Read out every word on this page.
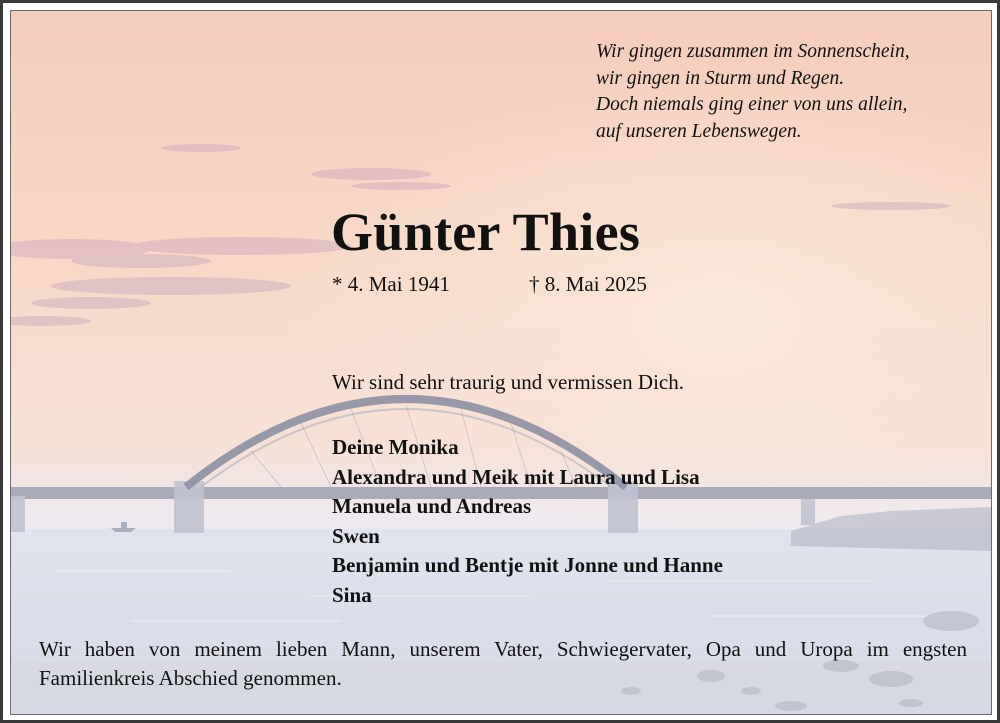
Wir gingen zusammen im Sonnenschein,
wir gingen in Sturm und Regen.
Doch niemals ging einer von uns allein,
auf unseren Lebenswegen.
Günter Thies
* 4. Mai 1941	† 8. Mai 2025
Wir sind sehr traurig und vermissen Dich.
Deine Monika
Alexandra und Meik mit Laura und Lisa
Manuela und Andreas
Swen
Benjamin und Bentje mit Jonne und Hanne
Sina
Wir haben von meinem lieben Mann, unserem Vater, Schwiegervater, Opa und Uropa im engsten Familienkreis Abschied genommen.
